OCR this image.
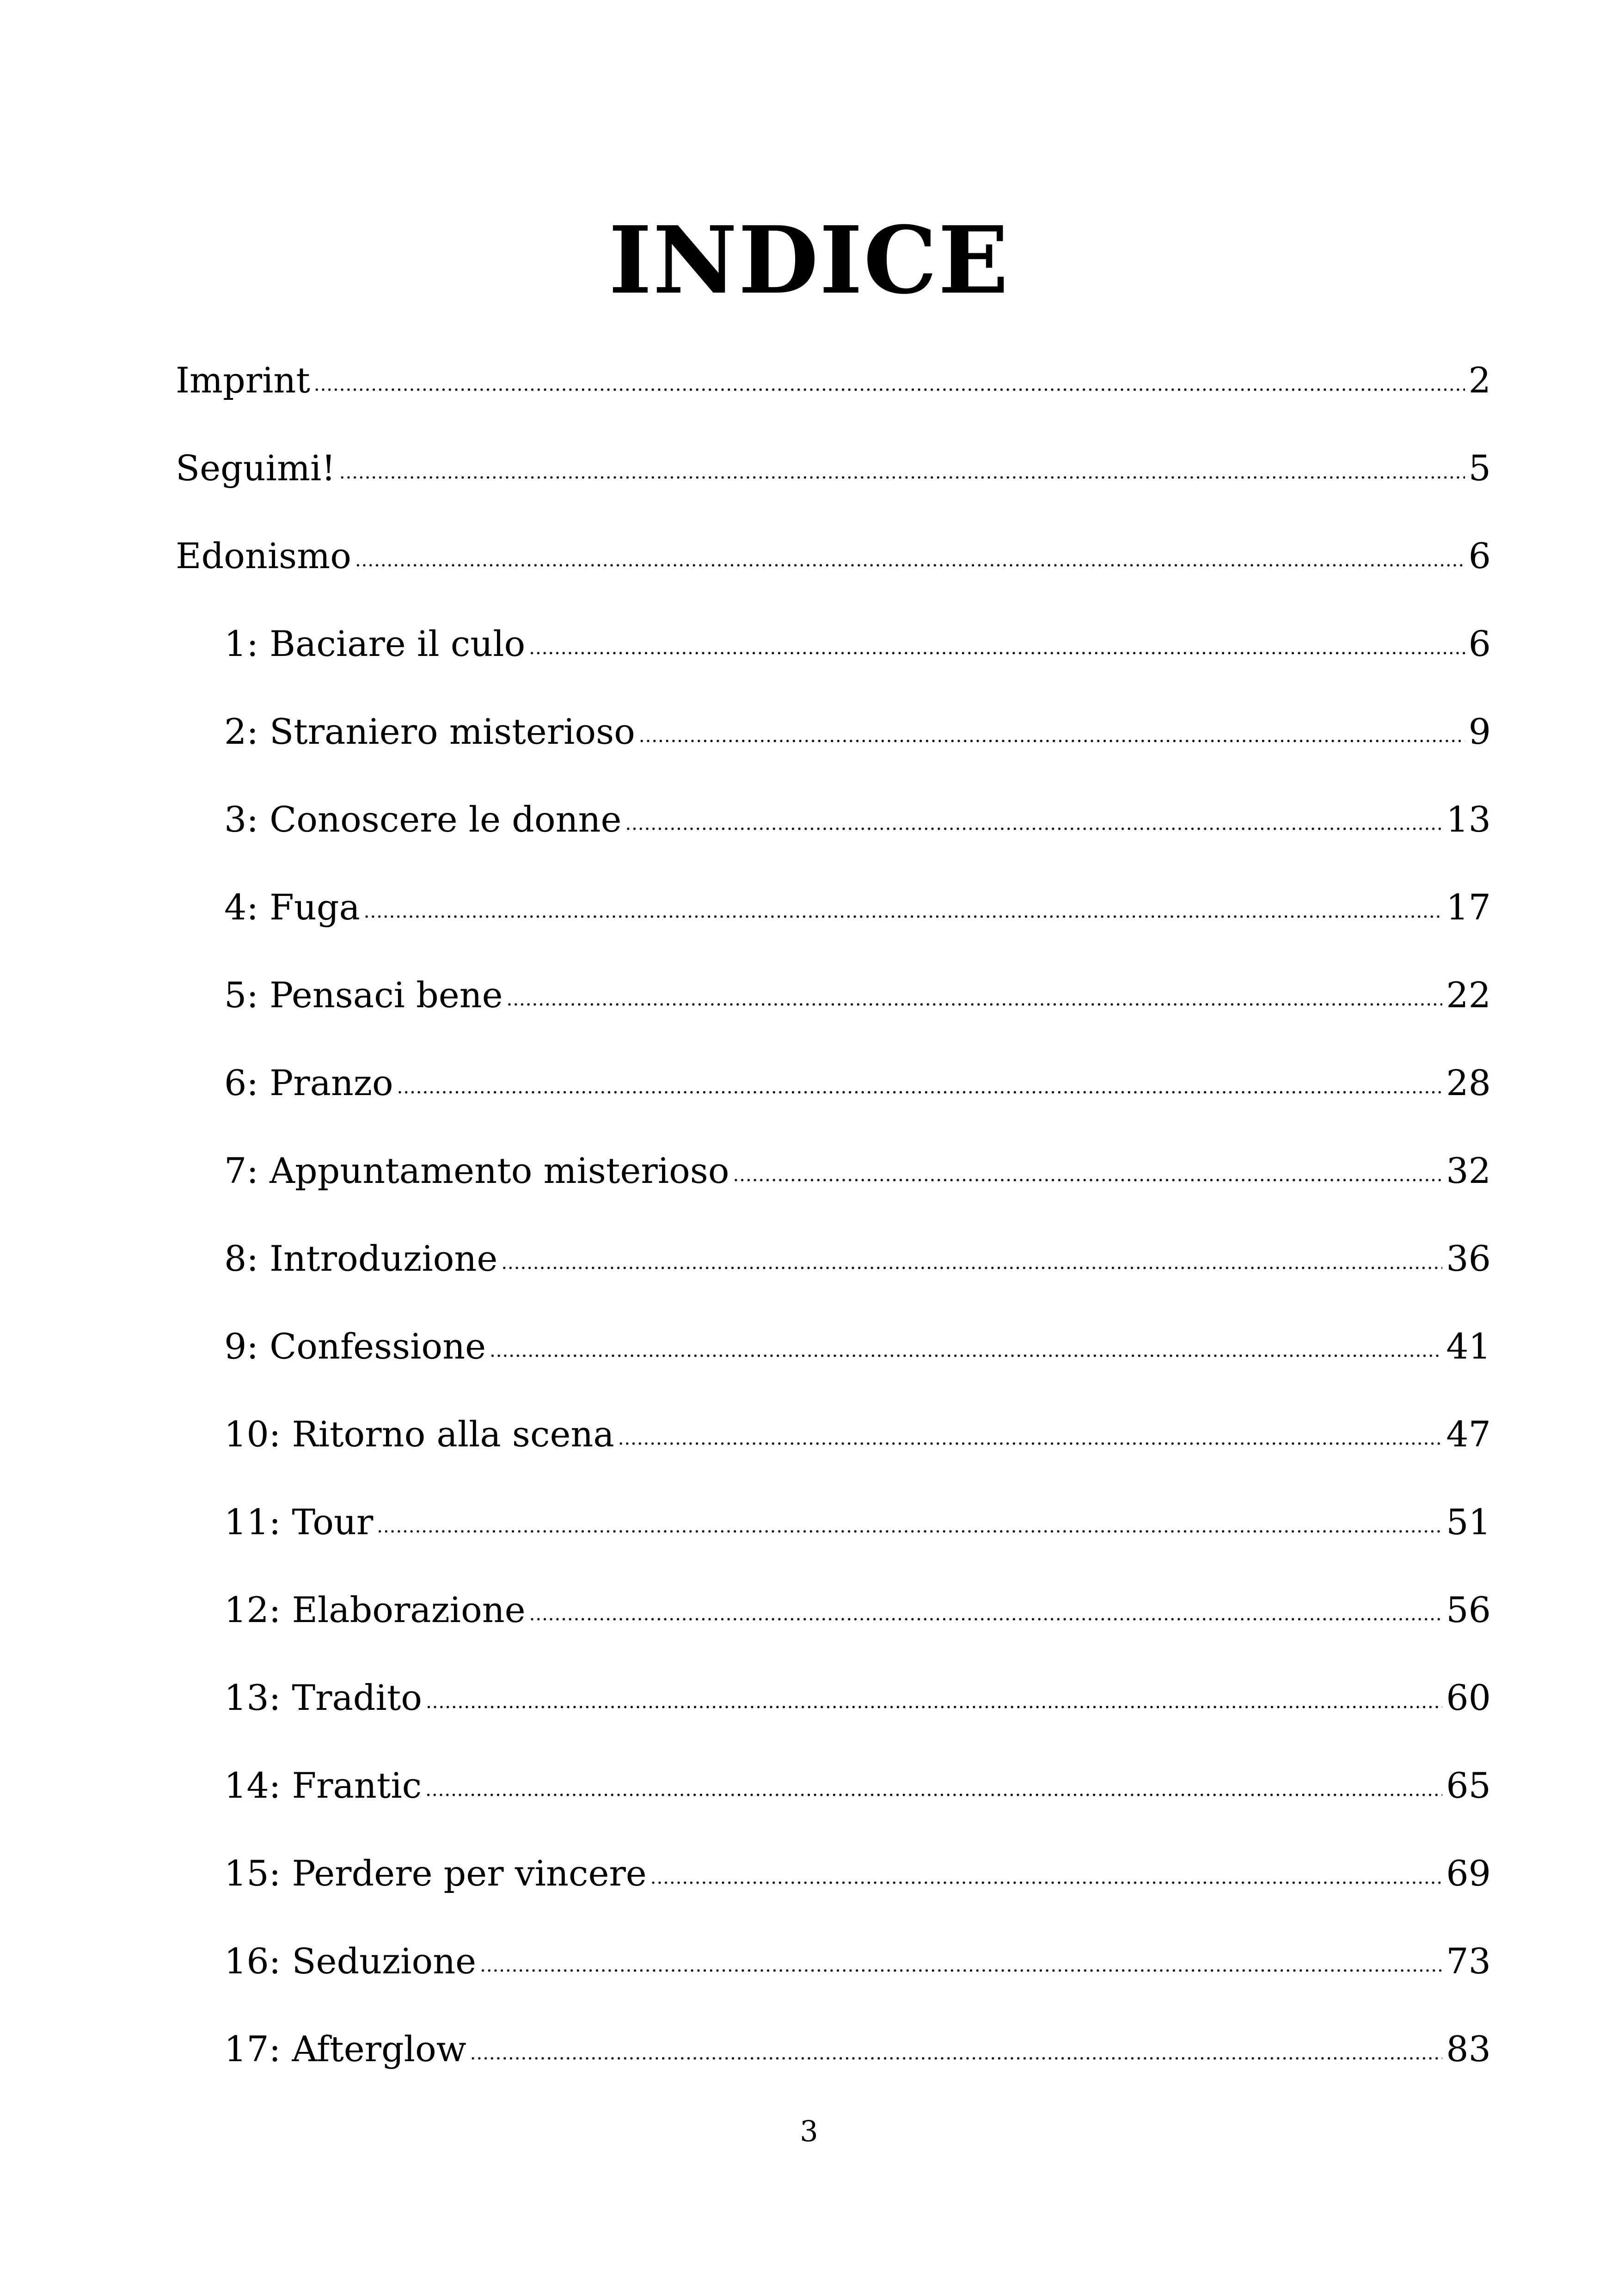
INDICE
Imprint .....	2
Seguimi! .....	5
Edonismo .....	6
1: Baciare il culo .....	6
2: Straniero misterioso .....	9
3: Conoscere le donne .....	13
4: Fuga .....	17
5: Pensaci bene .....	22
6: Pranzo .....	28
7: Appuntamento misterioso .....	32
8: Introduzione .....	36
9: Confessione .....	41
10: Ritorno alla scena .....	47
11: Tour .....	51
12: Elaborazione .....	56
13: Tradito .....	60
14: Frantic .....	65
15: Perdere per vincere .....	69
16: Seduzione .....	73
17: Afterglow .....	83
3
